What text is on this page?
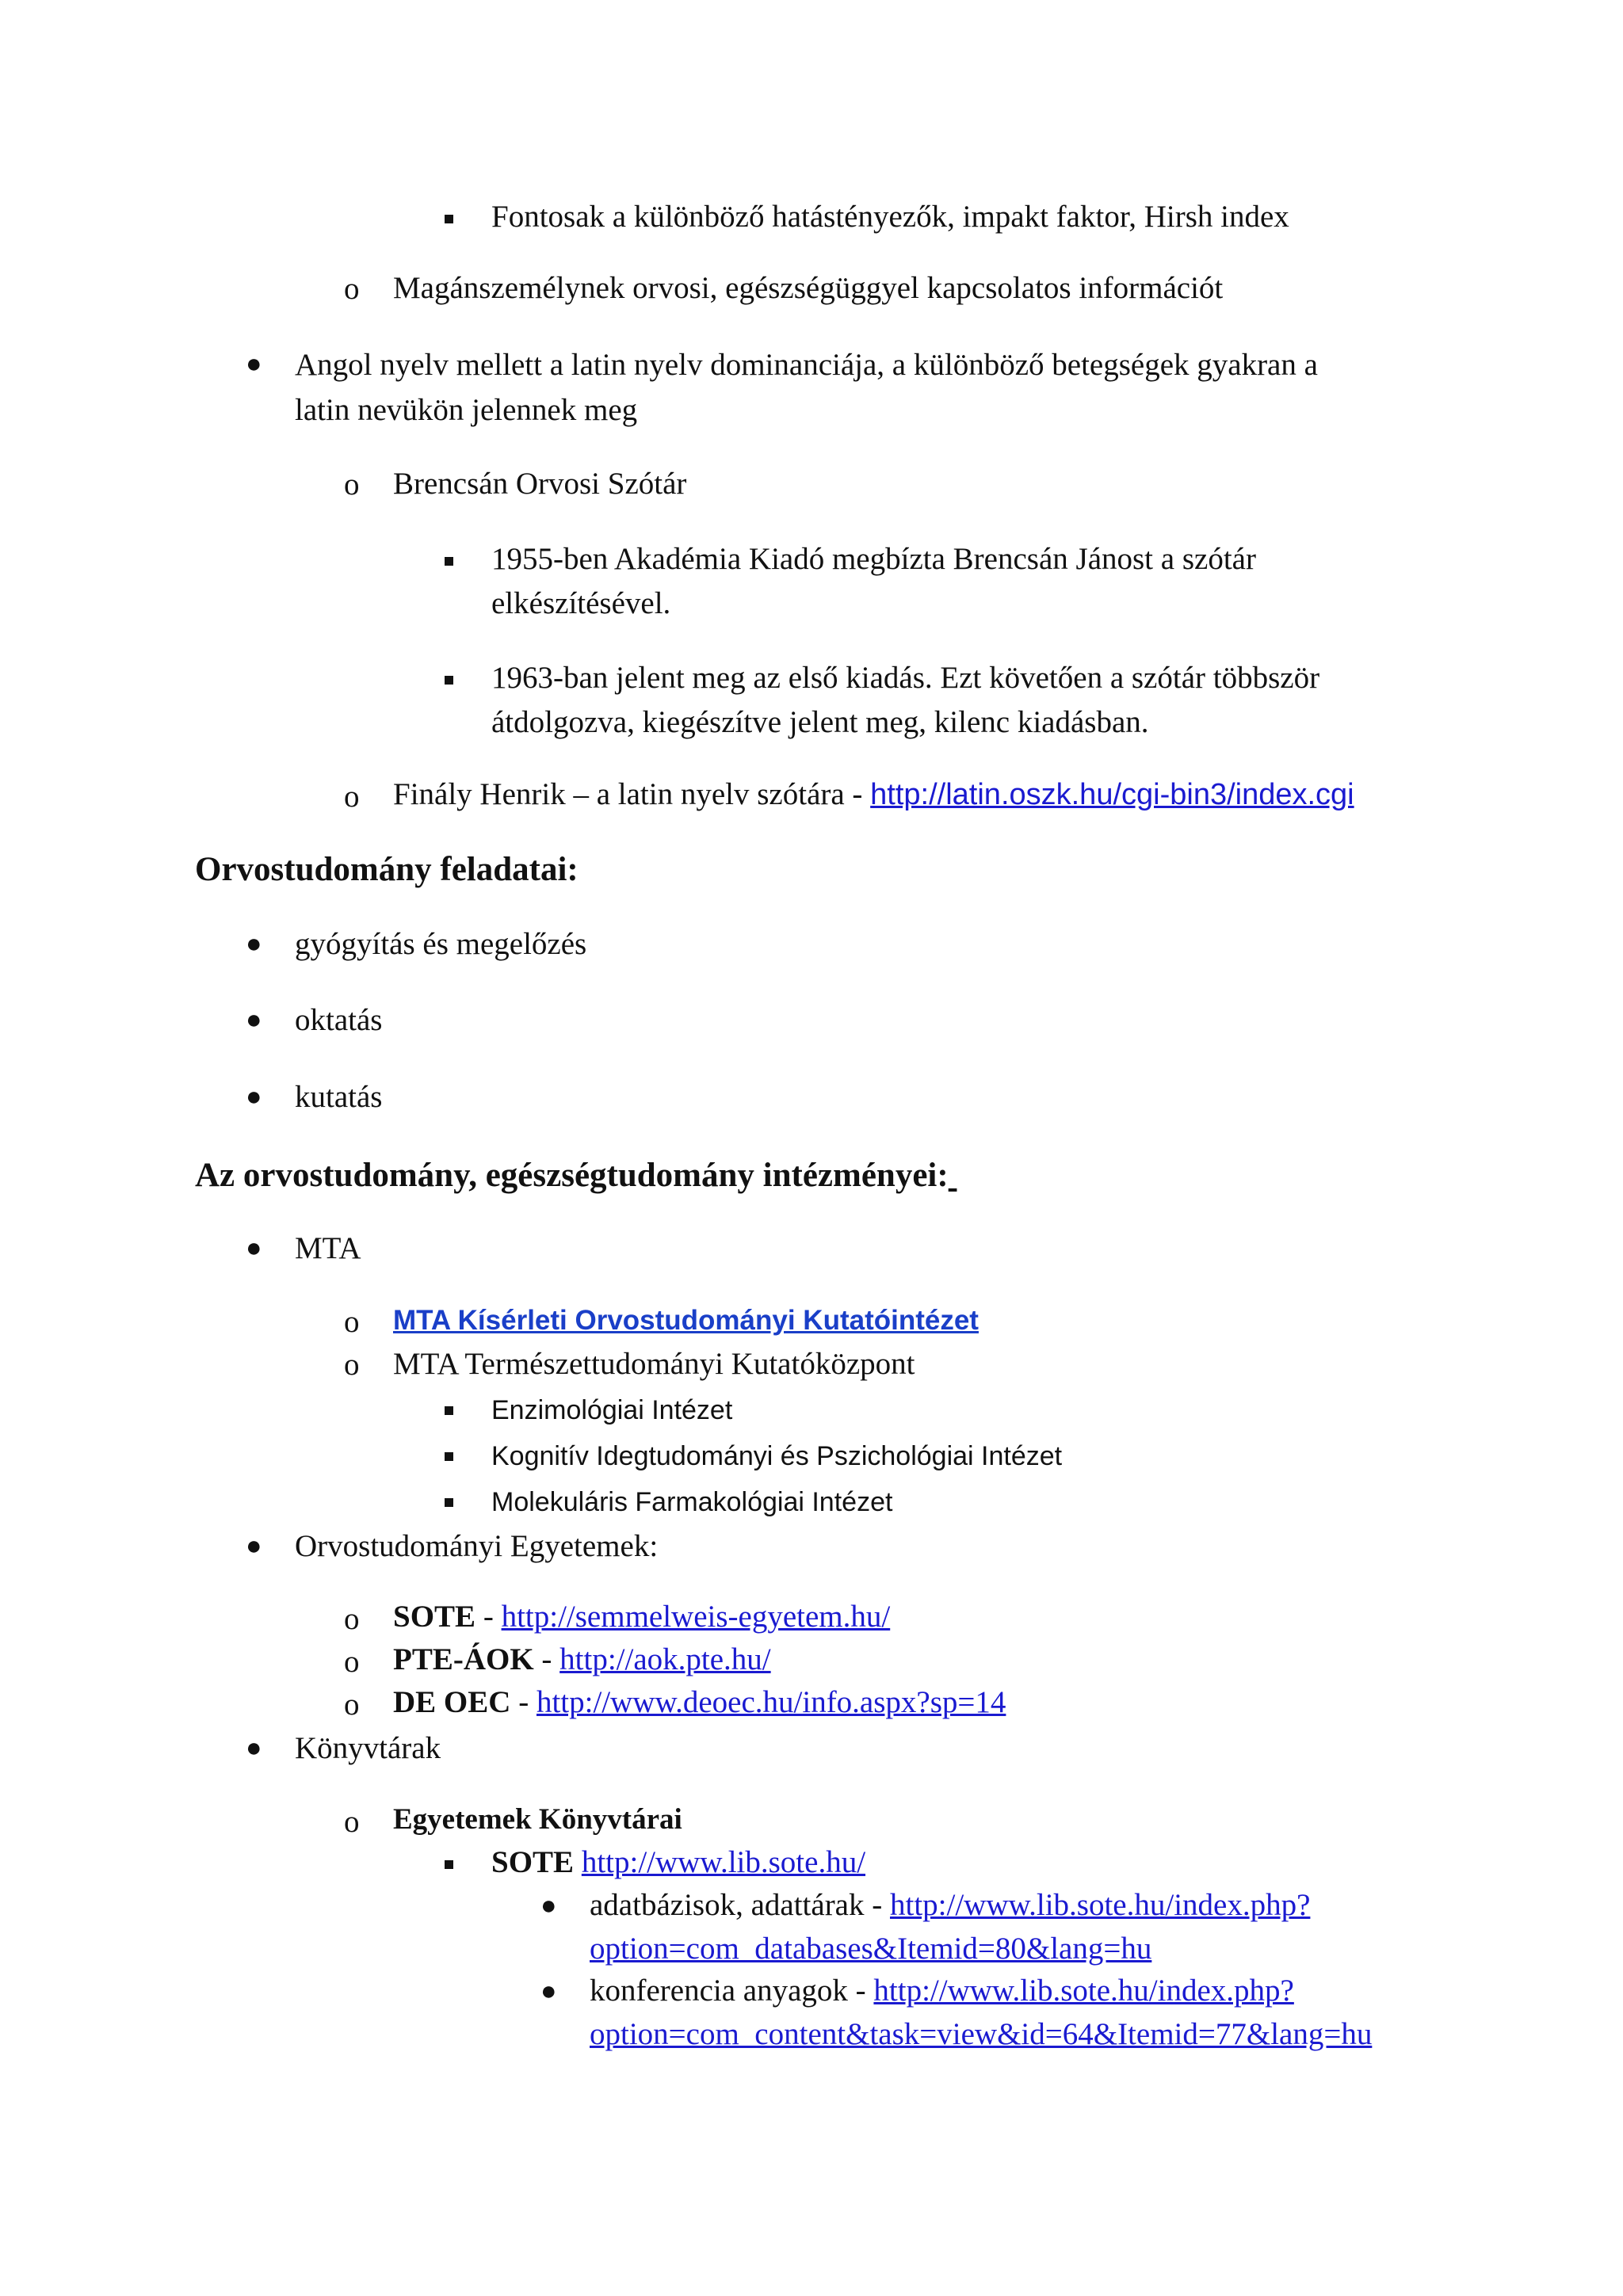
Fontosak a különböző hatástényezők, impakt faktor, Hirsh index
o Magánszemélynek orvosi, egészségüggyel kapcsolatos információt
● Angol nyelv mellett a latin nyelv dominanciája, a különböző betegségek gyakran a
latin nevükön jelennek meg
o Brencsán Orvosi Szótár
1955-ben Akadémia Kiadó megbízta Brencsán Jánost a szótár
elkészítésével.
1963-ban jelent meg az első kiadás. Ezt követően a szótár többször
átdolgozva, kiegészítve jelent meg, kilenc kiadásban.
o Finály Henrik – a latin nyelv szótára - http://latin.oszk.hu/cgi-bin3/index.cgi
Orvostudomány feladatai:
● gyógyítás és megelőzés
● oktatás
● kutatás
Az orvostudomány, egészségtudomány intézményei:
● MTA
o MTA Kísérleti Orvostudományi Kutatóintézet
o MTA Természettudományi Kutatóközpont
Enzimológiai Intézet
Kognitív Idegtudományi és Pszichológiai Intézet
Molekuláris Farmakológiai Intézet
● Orvostudományi Egyetemek:
o SOTE - http://semmelweis-egyetem.hu/
o PTE-ÁOK - http://aok.pte.hu/
o DE OEC - http://www.deoec.hu/info.aspx?sp=14
● Könyvtárak
o Egyetemek Könyvtárai
SOTE http://www.lib.sote.hu/
● adatbázisok, adattárak - http://www.lib.sote.hu/index.php?
option=com_databases&Itemid=80&lang=hu
● konferencia anyagok - http://www.lib.sote.hu/index.php?
option=com_content&task=view&id=64&Itemid=77&lang=hu
